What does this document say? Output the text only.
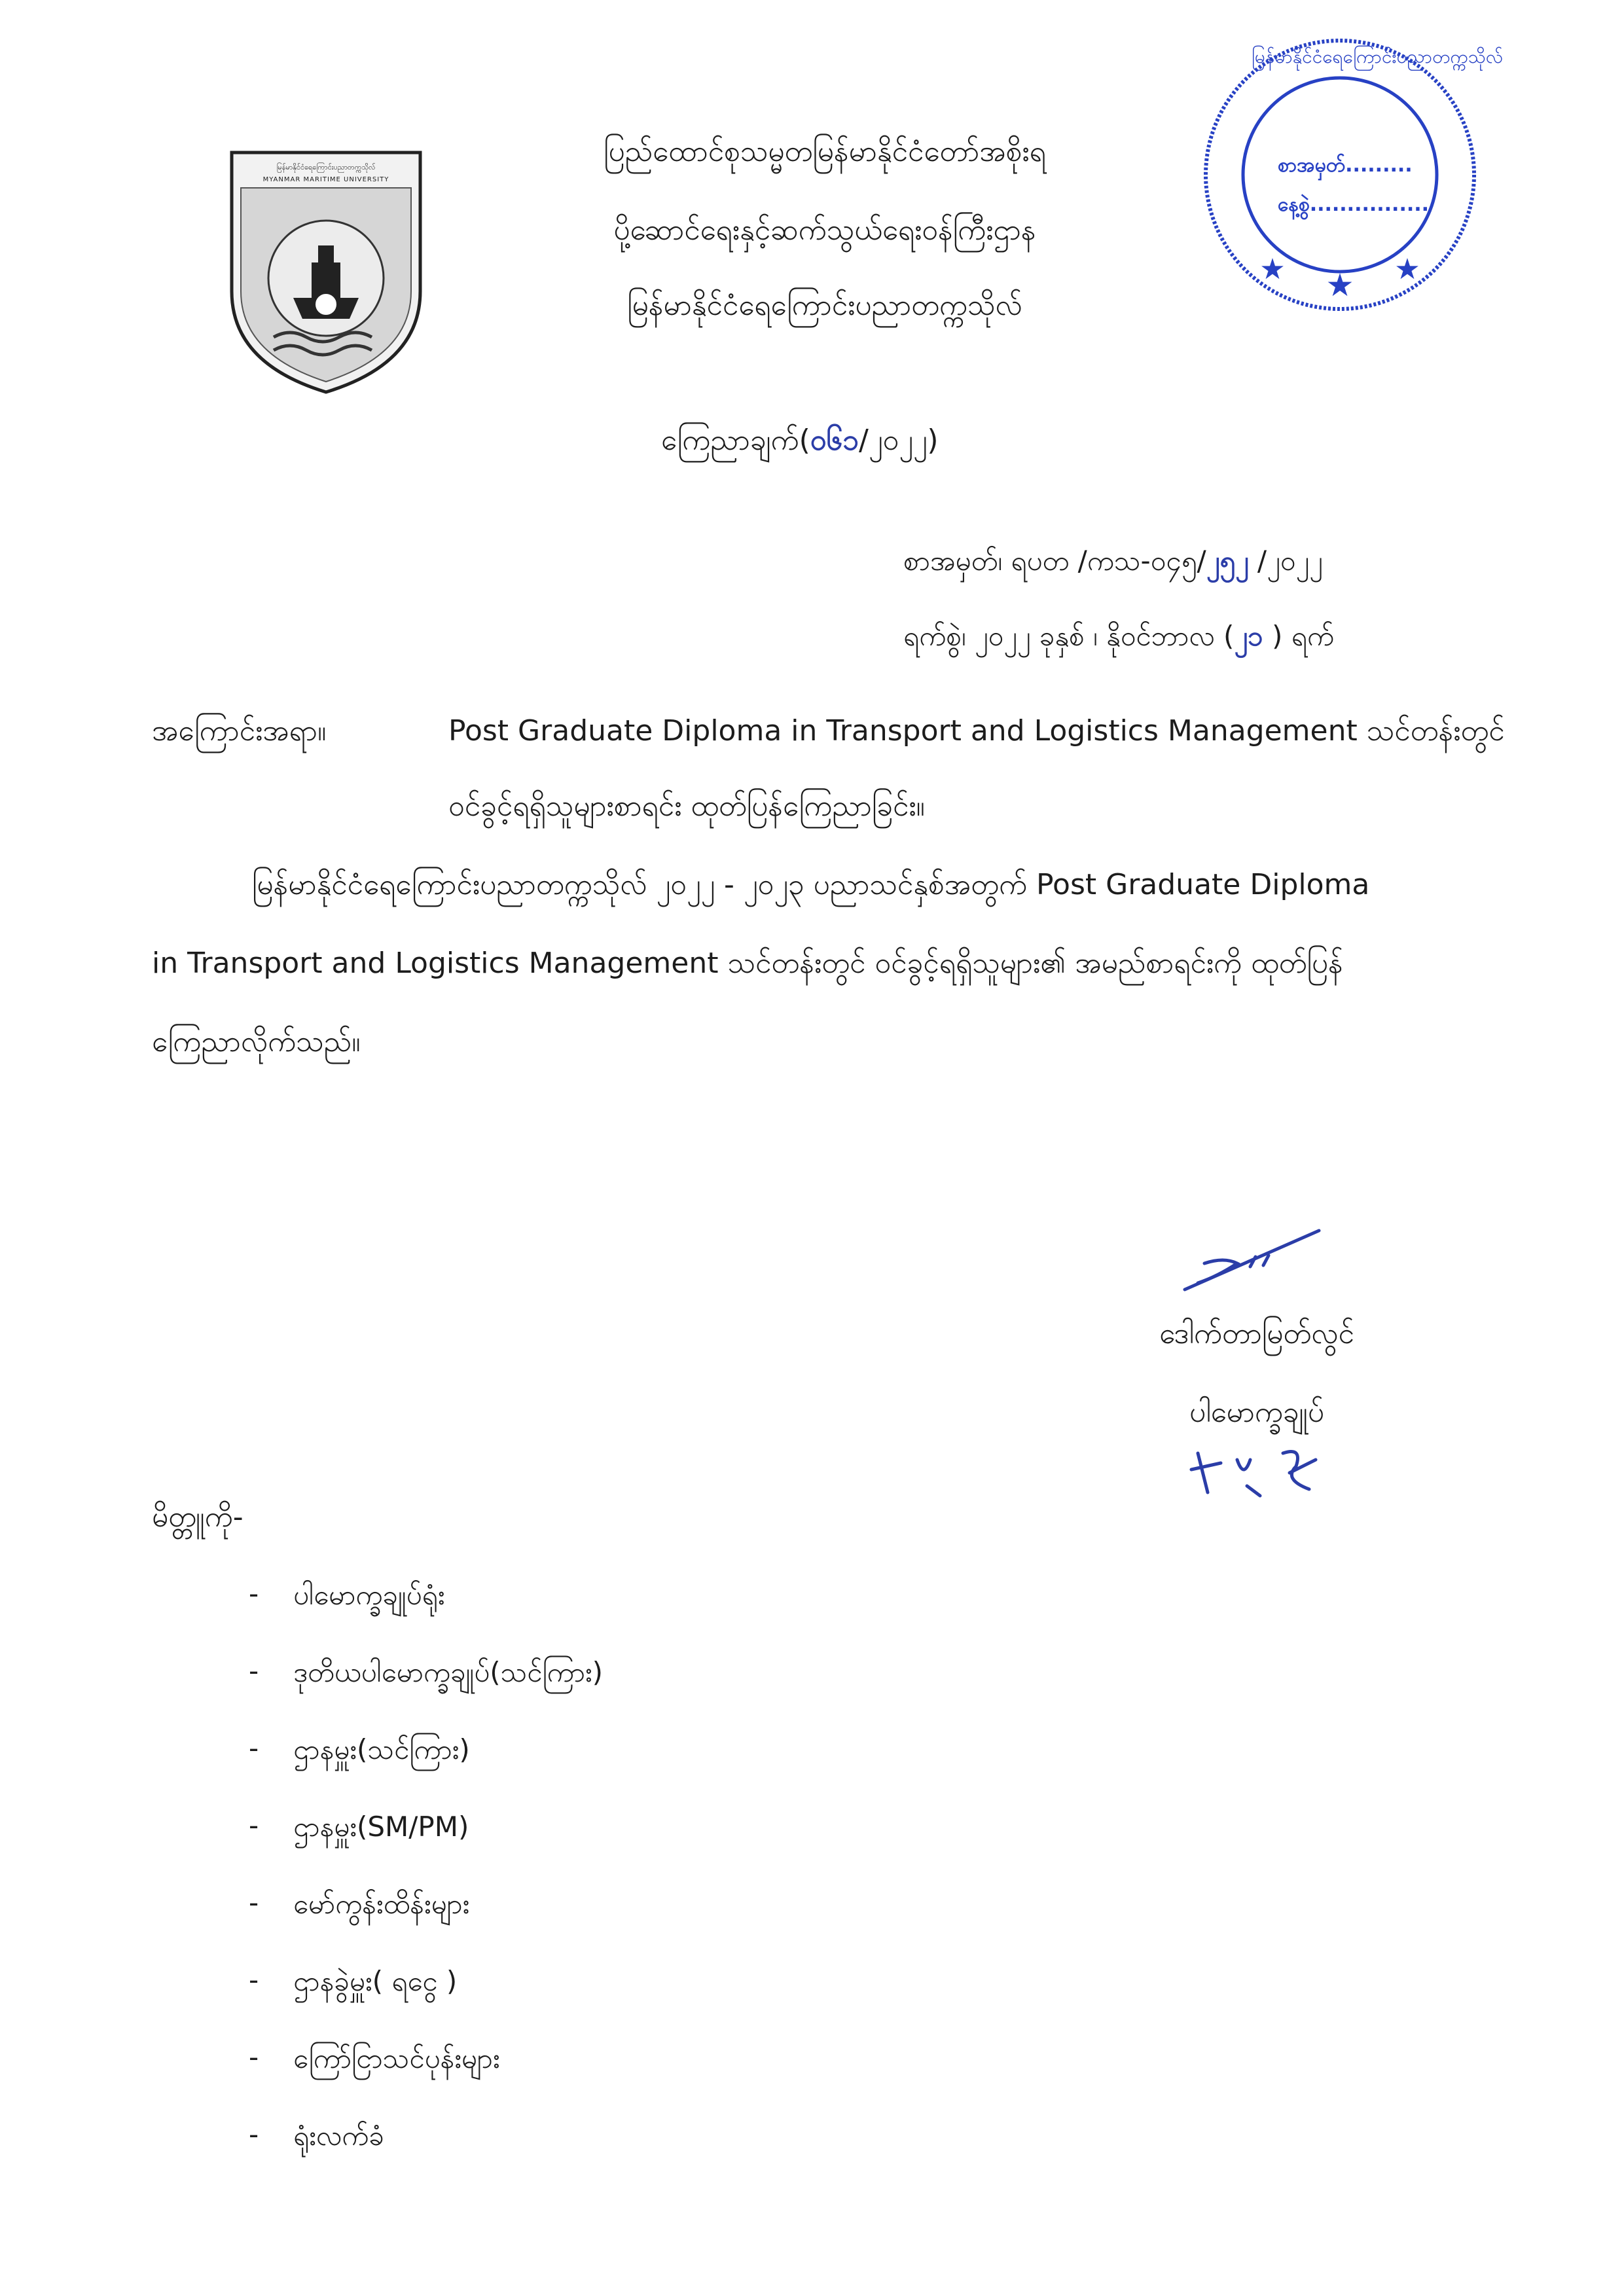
မြန်မာနိုင်ငံရေကြောင်းပညာတက္ကသိုလ်
MYANMAR MARITIME UNIVERSITY
ပြည်ထောင်စုသမ္မတမြန်မာနိုင်ငံတော်အစိုးရ
ပို့ဆောင်ရေးနှင့်ဆက်သွယ်ရေးဝန်ကြီးဌာန
မြန်မာနိုင်ငံရေကြောင်းပညာတက္ကသိုလ်
★
★	★
မြန်မာနိုင်ငံရေကြောင်းပညာတက္ကသိုလ်
စာအမှတ်.........
နေ့စွဲ................
ကြေညာချက်(၀၆၁/၂၀၂၂)
စာအမှတ်၊ ရပတ /ကသ-၀၄၅/၂၅၂ /၂၀၂၂
ရက်စွဲ၊ ၂၀၂၂ ခုနှစ် ၊ နိုဝင်ဘာလ (၂၁ ) ရက်
အကြောင်းအရာ။	Post Graduate Diploma in Transport and Logistics Management သင်တန်းတွင်
ဝင်ခွင့်ရရှိသူများစာရင်း ထုတ်ပြန်ကြေညာခြင်း။
မြန်မာနိုင်ငံရေကြောင်းပညာတက္ကသိုလ် ၂၀၂၂ - ၂၀၂၃ ပညာသင်နှစ်အတွက် Post Graduate Diploma
in Transport and Logistics Management သင်တန်းတွင် ဝင်ခွင့်ရရှိသူများ၏ အမည်စာရင်းကို ထုတ်ပြန်
ကြေညာလိုက်သည်။
ဒေါက်တာမြတ်လွင်
ပါမောက္ခချုပ်
မိတ္တူကို-
- ပါမောက္ခချုပ်ရုံး
- ဒုတိယပါမောက္ခချုပ်(သင်ကြား)
- ဌာနမှူး(သင်ကြား)
- ဌာနမှူး(SM/PM)
- မော်ကွန်းထိန်းများ
- ဌာနခွဲမှူး( ရငွေ )
- ကြော်ငြာသင်ပုန်းများ
- ရုံးလက်ခံ
